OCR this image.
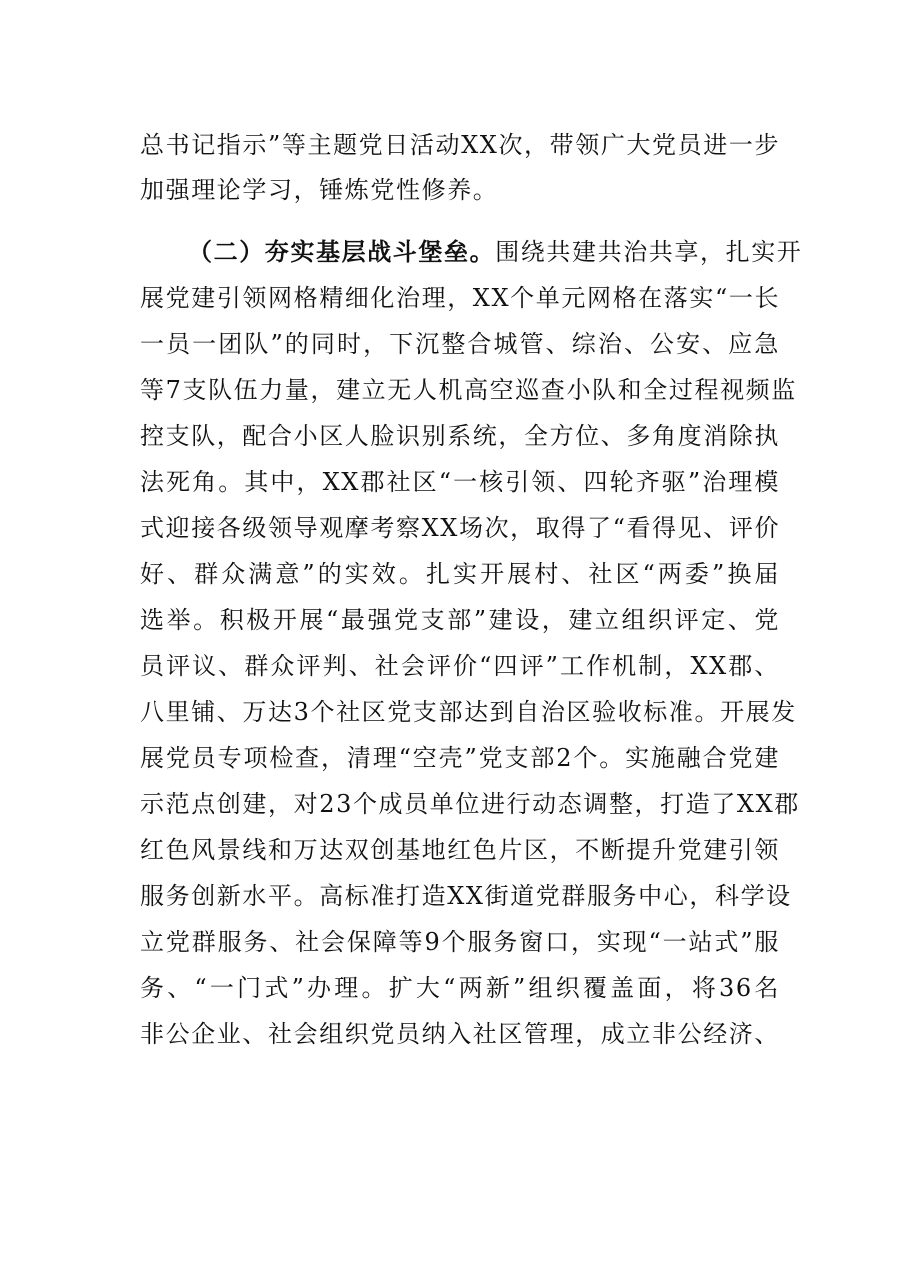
总书记指示”等主题党日活动XX次，带领广大党员进一步
加强理论学习，锤炼党性修养。
（二）夯实基层战斗堡垒。围绕共建共治共享，扎实开
展党建引领网格精细化治理，XX个单元网格在落实“一长
一员一团队”的同时，下沉整合城管、综治、公安、应急
等7支队伍力量，建立无人机高空巡查小队和全过程视频监
控支队，配合小区人脸识别系统，全方位、多角度消除执
法死角。其中，XX郡社区“一核引领、四轮齐驱”治理模
式迎接各级领导观摩考察XX场次，取得了“看得见、评价
好、群众满意”的实效。扎实开展村、社区“两委”换届
选举。积极开展“最强党支部”建设，建立组织评定、党
员评议、群众评判、社会评价“四评”工作机制，XX郡、
八里铺、万达3个社区党支部达到自治区验收标准。开展发
展党员专项检查，清理“空壳”党支部2个。实施融合党建
示范点创建，对23个成员单位进行动态调整，打造了XX郡
红色风景线和万达双创基地红色片区，不断提升党建引领
服务创新水平。高标准打造XX街道党群服务中心，科学设
立党群服务、社会保障等9个服务窗口，实现“一站式”服
务、“一门式”办理。扩大“两新”组织覆盖面，将36名
非公企业、社会组织党员纳入社区管理，成立非公经济、
